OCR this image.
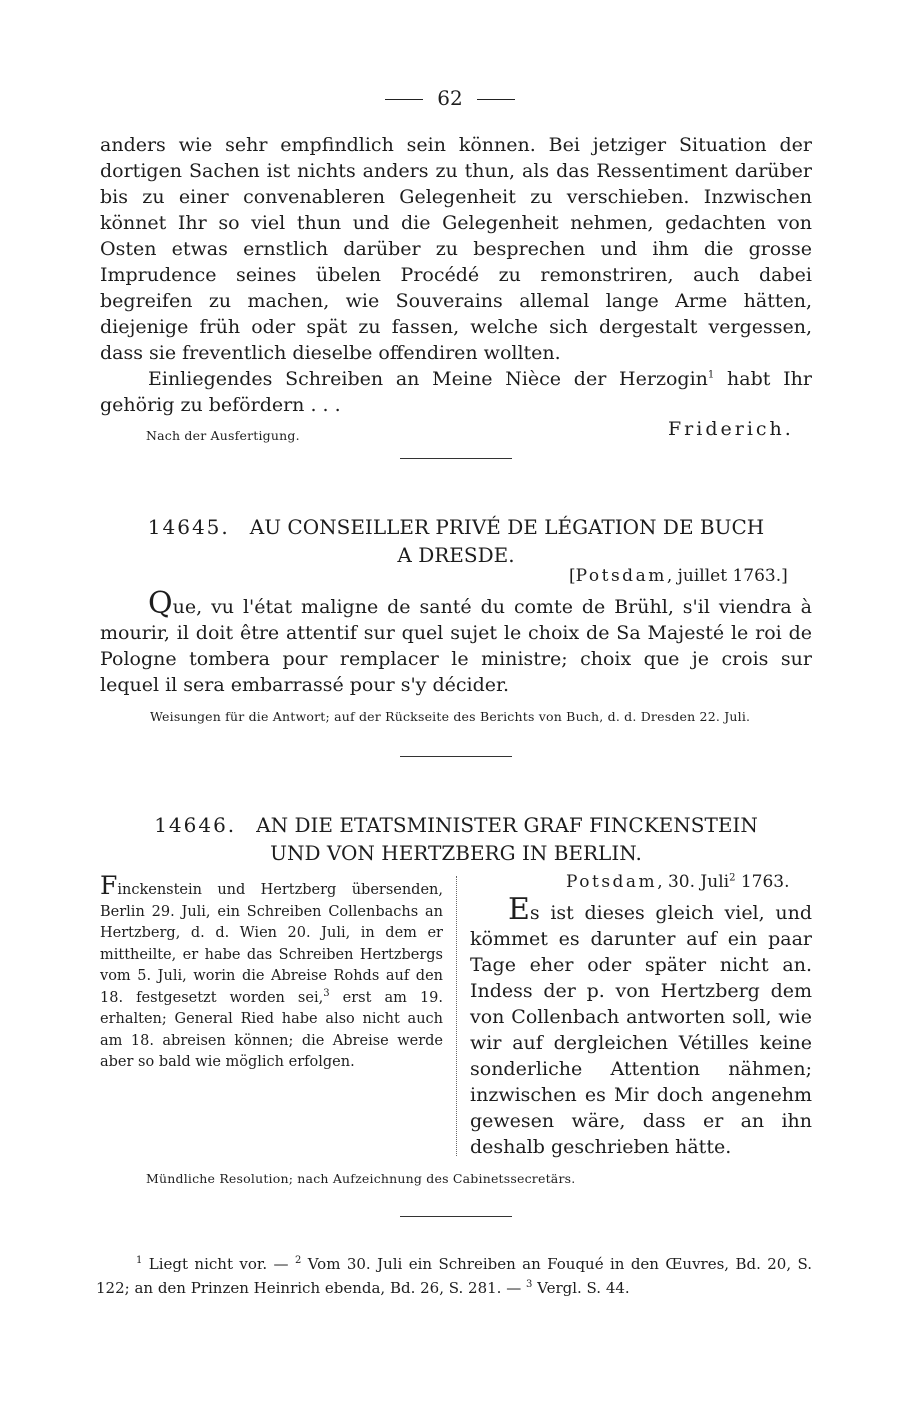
62
anders wie sehr empfindlich sein können. Bei jetziger Situation der dortigen Sachen ist nichts anders zu thun, als das Ressentiment darüber bis zu einer convenableren Gelegenheit zu verschieben. Inzwischen könnet Ihr so viel thun und die Gelegenheit nehmen, gedachten von Osten etwas ernstlich darüber zu besprechen und ihm die grosse Imprudence seines übelen Procédé zu remonstriren, auch dabei begreifen zu machen, wie Souverains allemal lange Arme hätten, diejenige früh oder spät zu fassen, welche sich dergestalt vergessen, dass sie freventlich dieselbe offendiren wollten.
Einliegendes Schreiben an Meine Nièce der Herzogin$^1$ habt Ihr gehörig zu befördern . . .
Nach der Ausfertigung.	Friderich.
14645. AU CONSEILLER PRIVÉ DE LÉGATION DE BUCH
A DRESDE.
[Potsdam, juillet 1763.]
Que, vu l'état maligne de santé du comte de Brühl, s'il viendra à mourir, il doit être attentif sur quel sujet le choix de Sa Majesté le roi de Pologne tombera pour remplacer le ministre; choix que je crois sur lequel il sera embarrassé pour s'y décider.
Weisungen für die Antwort; auf der Rückseite des Berichts von Buch, d. d. Dresden 22. Juli.
14646. AN DIE ETATSMINISTER GRAF FINCKENSTEIN
UND VON HERTZBERG IN BERLIN.
Finckenstein und Hertzberg übersenden, Berlin 29. Juli, ein Schreiben Collenbachs an Hertzberg, d. d. Wien 20. Juli, in dem er mittheilte, er habe das Schreiben Hertzbergs vom 5. Juli, worin die Abreise Rohds auf den 18. festgesetzt worden sei,$^3$ erst am 19. erhalten; General Ried habe also nicht auch am 18. abreisen können; die Abreise werde aber so bald wie möglich erfolgen.
Potsdam, 30. Juli$^2$ 1763.
Es ist dieses gleich viel, und kömmet es darunter auf ein paar Tage eher oder später nicht an. Indess der p. von Hertzberg dem von Collenbach antworten soll, wie wir auf dergleichen Vétilles keine sonderliche Attention nähmen; inzwischen es Mir doch angenehm gewesen wäre, dass er an ihn deshalb geschrieben hätte.
Mündliche Resolution; nach Aufzeichnung des Cabinetssecretärs.
$^1$ Liegt nicht vor. — $^2$ Vom 30. Juli ein Schreiben an Fouqué in den Œuvres, Bd. 20, S. 122; an den Prinzen Heinrich ebenda, Bd. 26, S. 281. — $^3$ Vergl. S. 44.
